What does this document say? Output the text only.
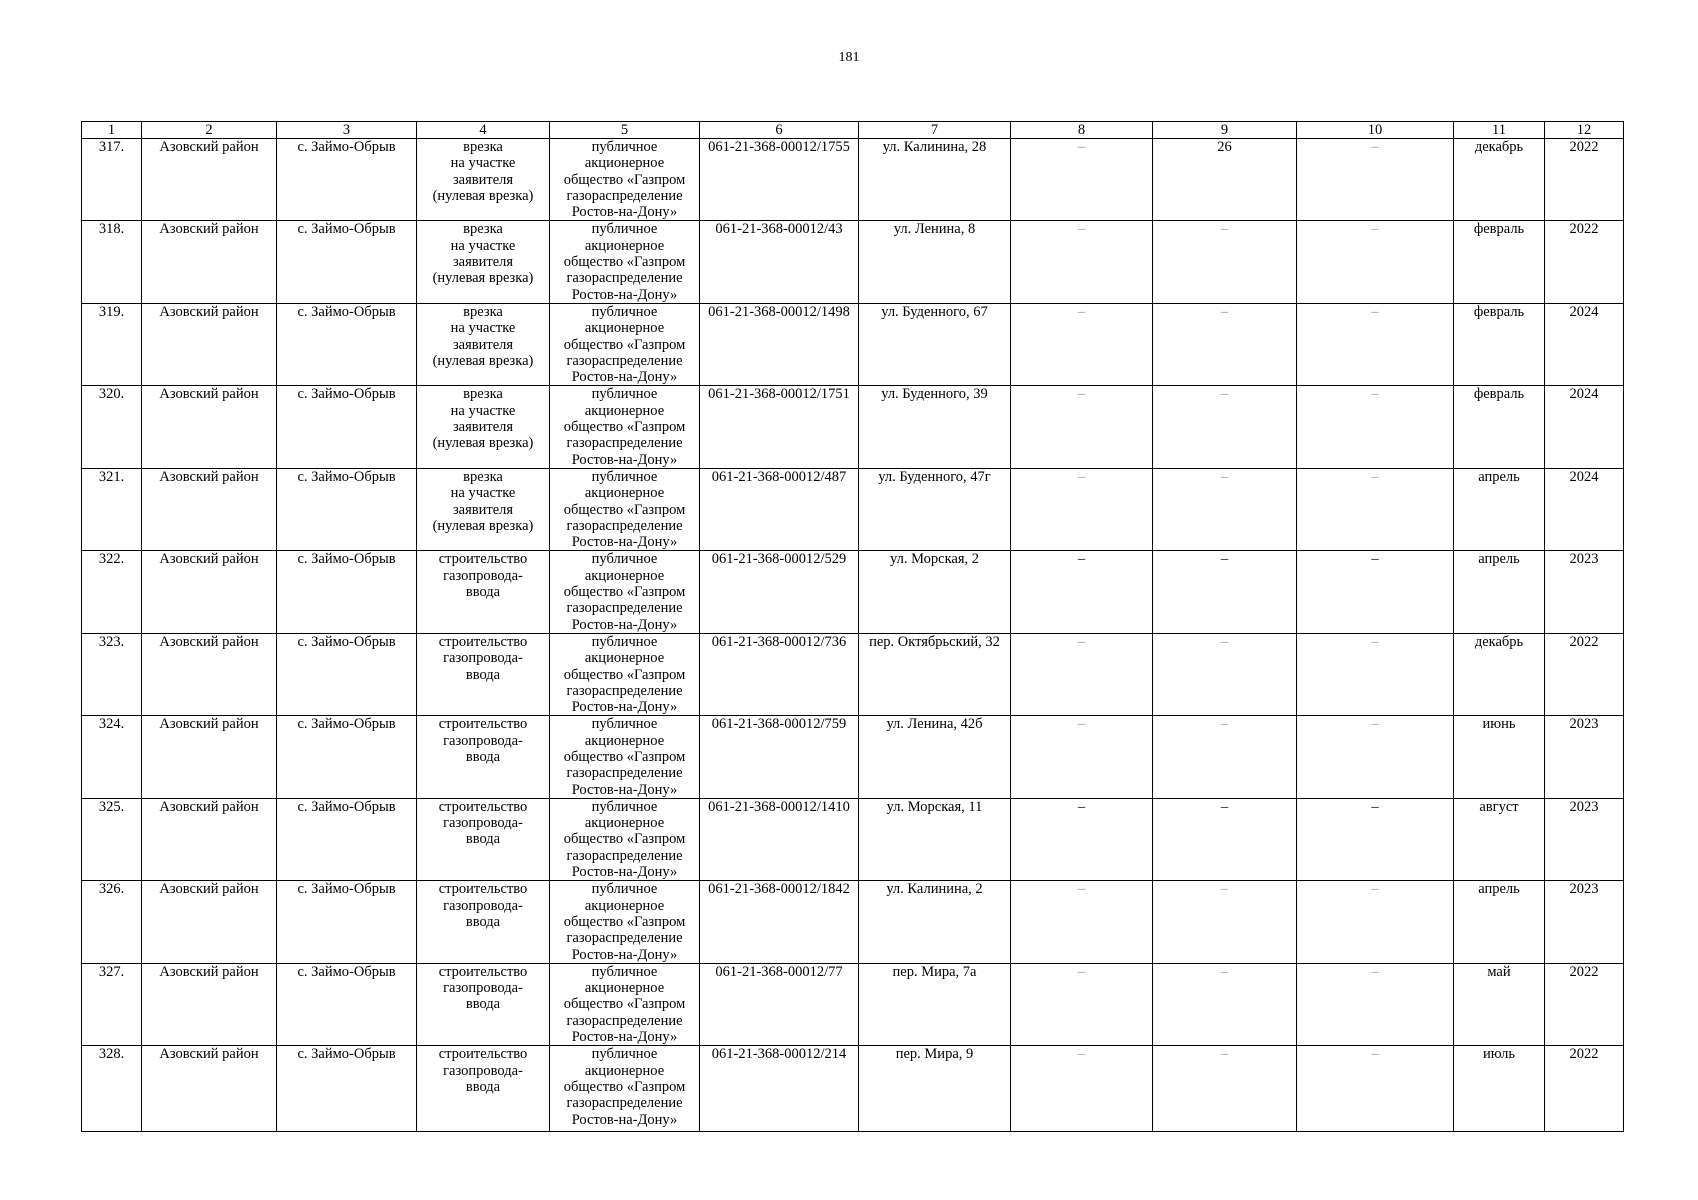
181
1	2	3	4	5	6	7	8	9	10	11	12
317.	Азовский район	с. Займо-Обрыв	врезка
на участке
заявителя
(нулевая врезка)	публичное
акционерное
общество «Газпром
газораспределение
Ростов-на-Дону»	061-21-368-00012/1755	ул. Калинина, 28	–	26	–	декабрь	2022
318.	Азовский район	с. Займо-Обрыв	врезка
на участке
заявителя
(нулевая врезка)	публичное
акционерное
общество «Газпром
газораспределение
Ростов-на-Дону»	061-21-368-00012/43	ул. Ленина, 8	–	–	–	февраль	2022
319.	Азовский район	с. Займо-Обрыв	врезка
на участке
заявителя
(нулевая врезка)	публичное
акционерное
общество «Газпром
газораспределение
Ростов-на-Дону»	061-21-368-00012/1498	ул. Буденного, 67	–	–	–	февраль	2024
320.	Азовский район	с. Займо-Обрыв	врезка
на участке
заявителя
(нулевая врезка)	публичное
акционерное
общество «Газпром
газораспределение
Ростов-на-Дону»	061-21-368-00012/1751	ул. Буденного, 39	–	–	–	февраль	2024
321.	Азовский район	с. Займо-Обрыв	врезка
на участке
заявителя
(нулевая врезка)	публичное
акционерное
общество «Газпром
газораспределение
Ростов-на-Дону»	061-21-368-00012/487	ул. Буденного, 47г	–	–	–	апрель	2024
322.	Азовский район	с. Займо-Обрыв	строительство
газопровода-
ввода	публичное
акционерное
общество «Газпром
газораспределение
Ростов-на-Дону»	061-21-368-00012/529	ул. Морская, 2	–	–	–	апрель	2023
323.	Азовский район	с. Займо-Обрыв	строительство
газопровода-
ввода	публичное
акционерное
общество «Газпром
газораспределение
Ростов-на-Дону»	061-21-368-00012/736	пер. Октябрьский, 32	–	–	–	декабрь	2022
324.	Азовский район	с. Займо-Обрыв	строительство
газопровода-
ввода	публичное
акционерное
общество «Газпром
газораспределение
Ростов-на-Дону»	061-21-368-00012/759	ул. Ленина, 42б	–	–	–	июнь	2023
325.	Азовский район	с. Займо-Обрыв	строительство
газопровода-
ввода	публичное
акционерное
общество «Газпром
газораспределение
Ростов-на-Дону»	061-21-368-00012/1410	ул. Морская, 11	–	–	–	август	2023
326.	Азовский район	с. Займо-Обрыв	строительство
газопровода-
ввода	публичное
акционерное
общество «Газпром
газораспределение
Ростов-на-Дону»	061-21-368-00012/1842	ул. Калинина, 2	–	–	–	апрель	2023
327.	Азовский район	с. Займо-Обрыв	строительство
газопровода-
ввода	публичное
акционерное
общество «Газпром
газораспределение
Ростов-на-Дону»	061-21-368-00012/77	пер. Мира, 7а	–	–	–	май	2022
328.	Азовский район	с. Займо-Обрыв	строительство
газопровода-
ввода	публичное
акционерное
общество «Газпром
газораспределение
Ростов-на-Дону»	061-21-368-00012/214	пер. Мира, 9	–	–	–	июль	2022
